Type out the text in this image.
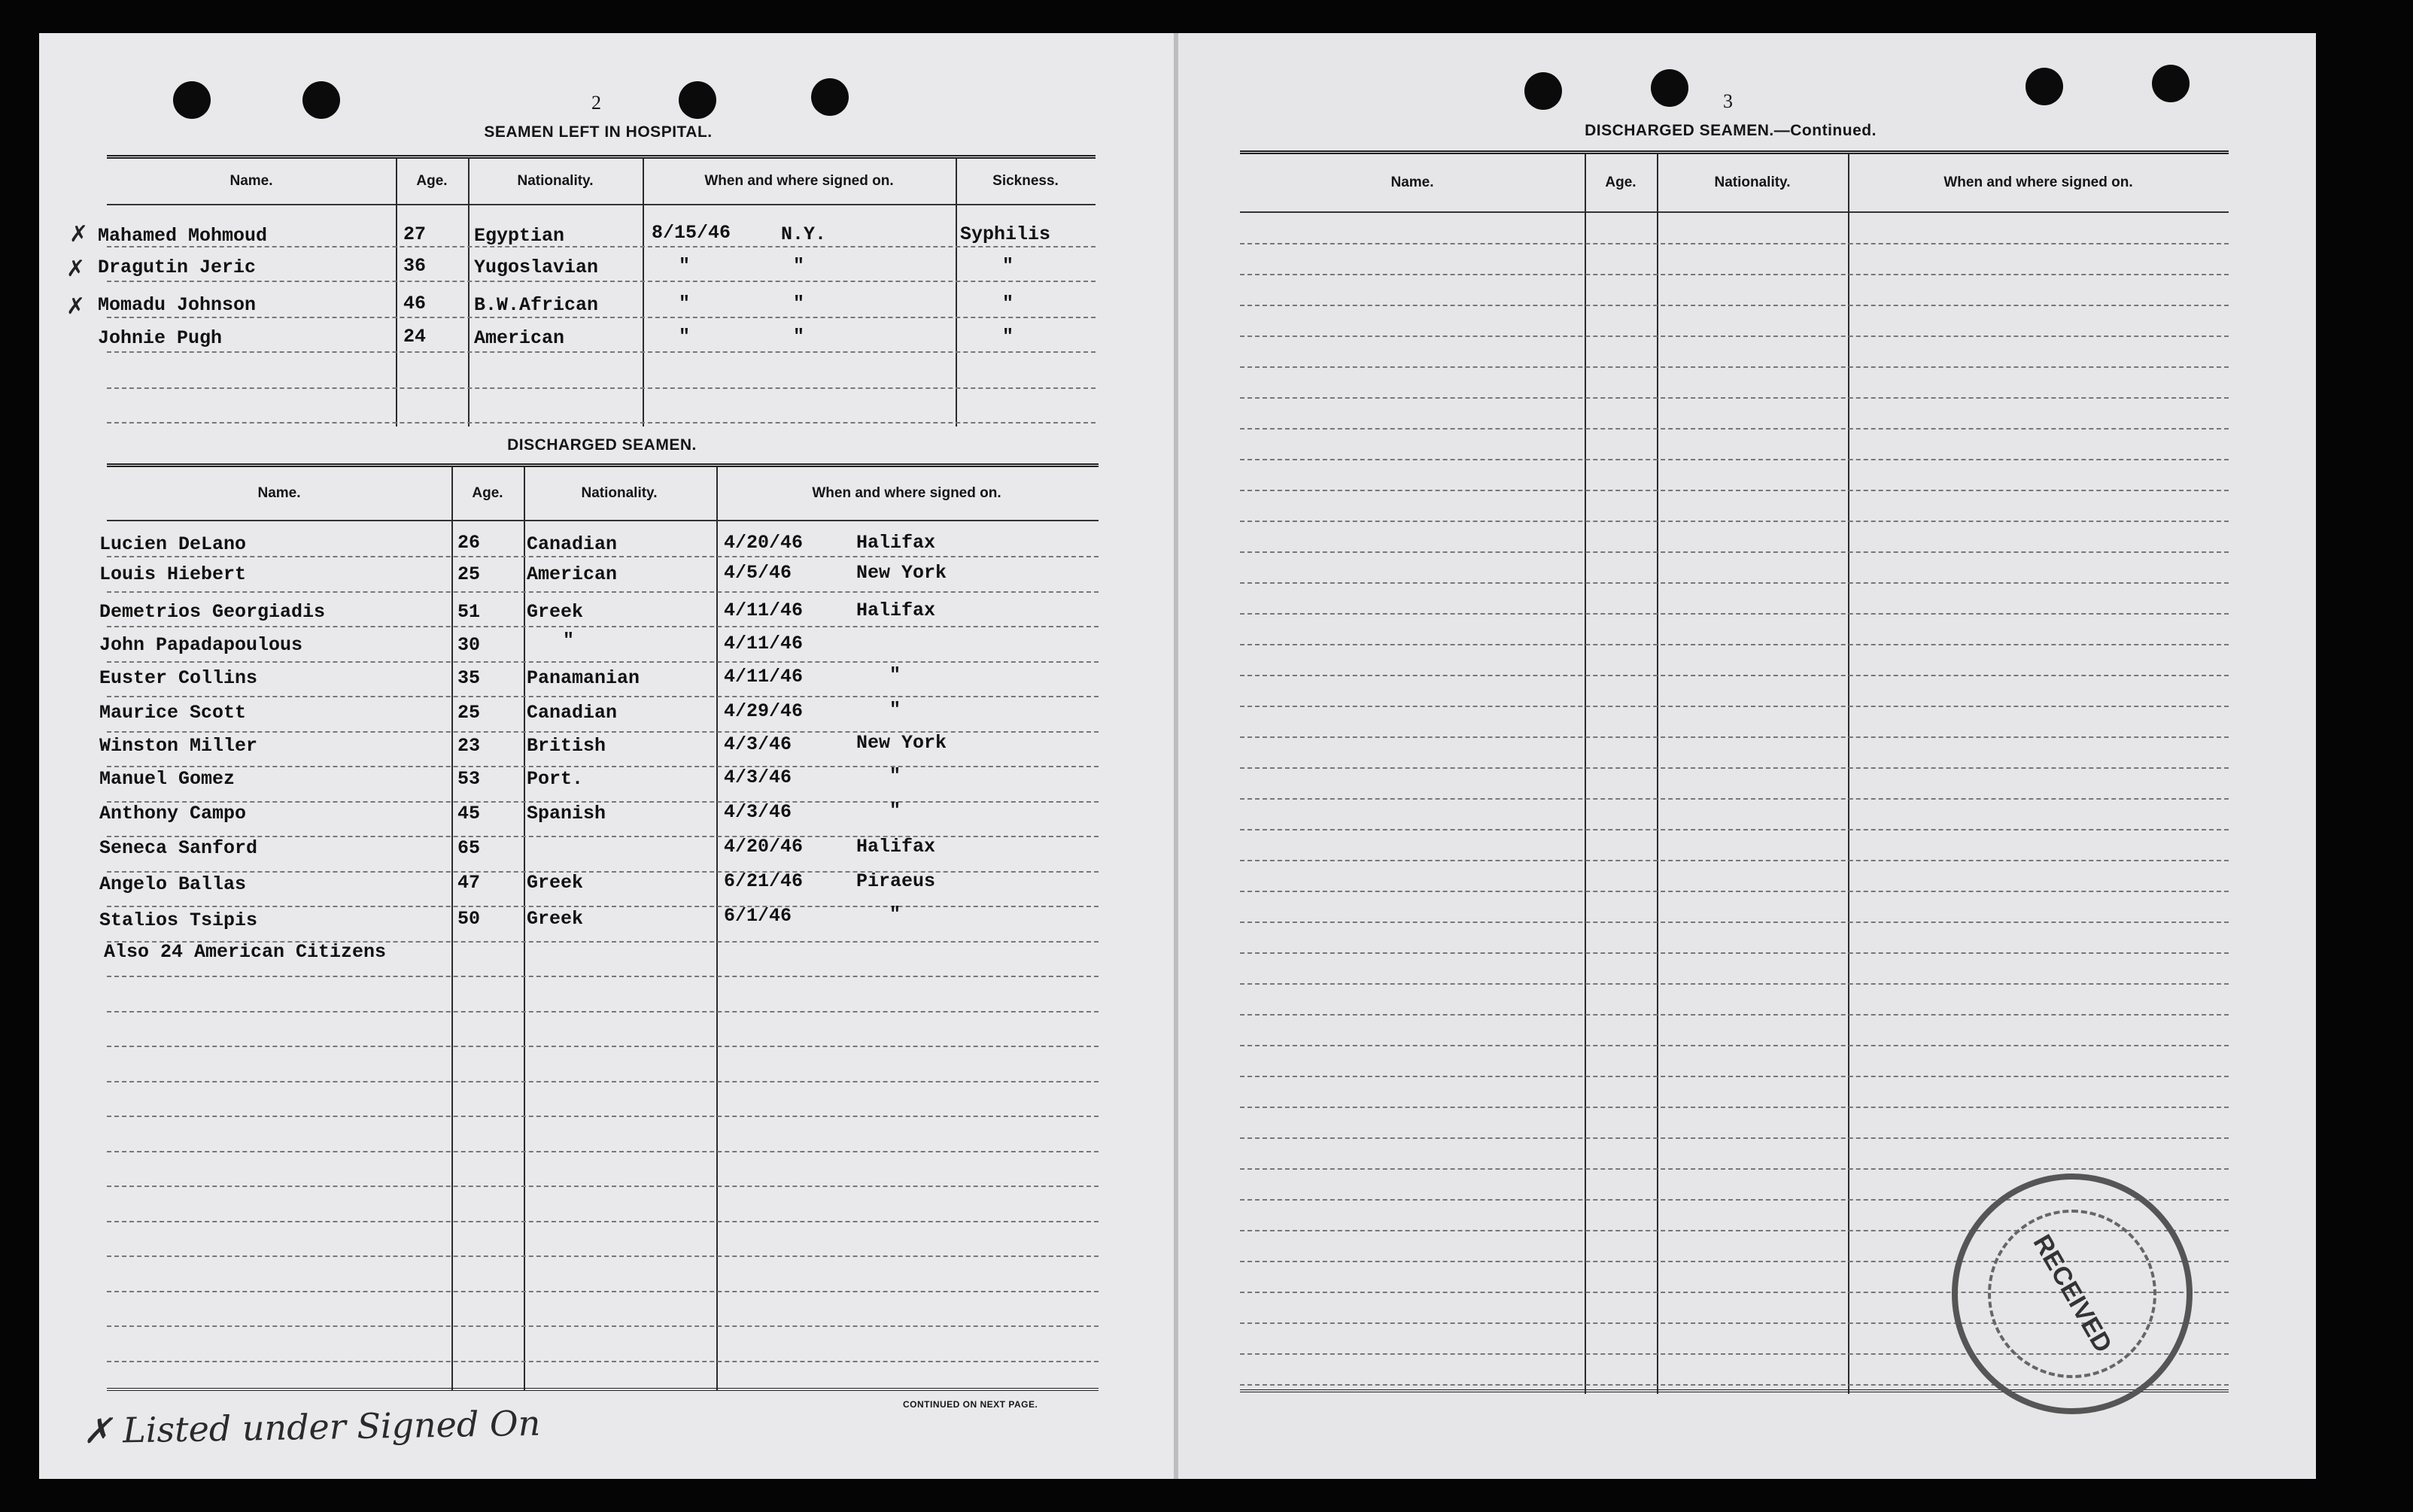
2
SEAMEN LEFT IN HOSPITAL.
Name.	Age.	Nationality.	When and where signed on.	Sickness.
Mahamed Mohmoud	27	Egyptian	8/15/46	N.Y.	Syphilis
Dragutin Jeric	36	Yugoslavian	"	"	"
Momadu Johnson	46	B.W.African	"	"	"
Johnie Pugh	24	American	"	"	"
✗
✗
✗
DISCHARGED SEAMEN.
Name.	Age.	Nationality.	When and where signed on.
Lucien DeLano	26 Canadian	4/20/46	Halifax
Louis Hiebert	25 American	4/5/46	New York
Demetrios Georgiadis	51 Greek	4/11/46	Halifax
John Papadapoulous	30	"	4/11/46
Euster Collins	35 Panamanian	4/11/46	"
Maurice Scott	25 Canadian	4/29/46	"
Winston Miller	23 British	4/3/46	New York
Manuel Gomez	53 Port.	4/3/46	"
Anthony Campo	45 Spanish	4/3/46	"
Seneca Sanford	65	4/20/46	Halifax
Angelo Ballas	47 Greek	6/21/46	Piraeus
Stalios Tsipis	50 Greek	6/1/46	"
Also 24 American Citizens
CONTINUED ON NEXT PAGE.
✗ Listed under Signed On
3
DISCHARGED SEAMEN.—Continued.
Name.	Age.	Nationality.	When and where signed on.
RECEIVED
